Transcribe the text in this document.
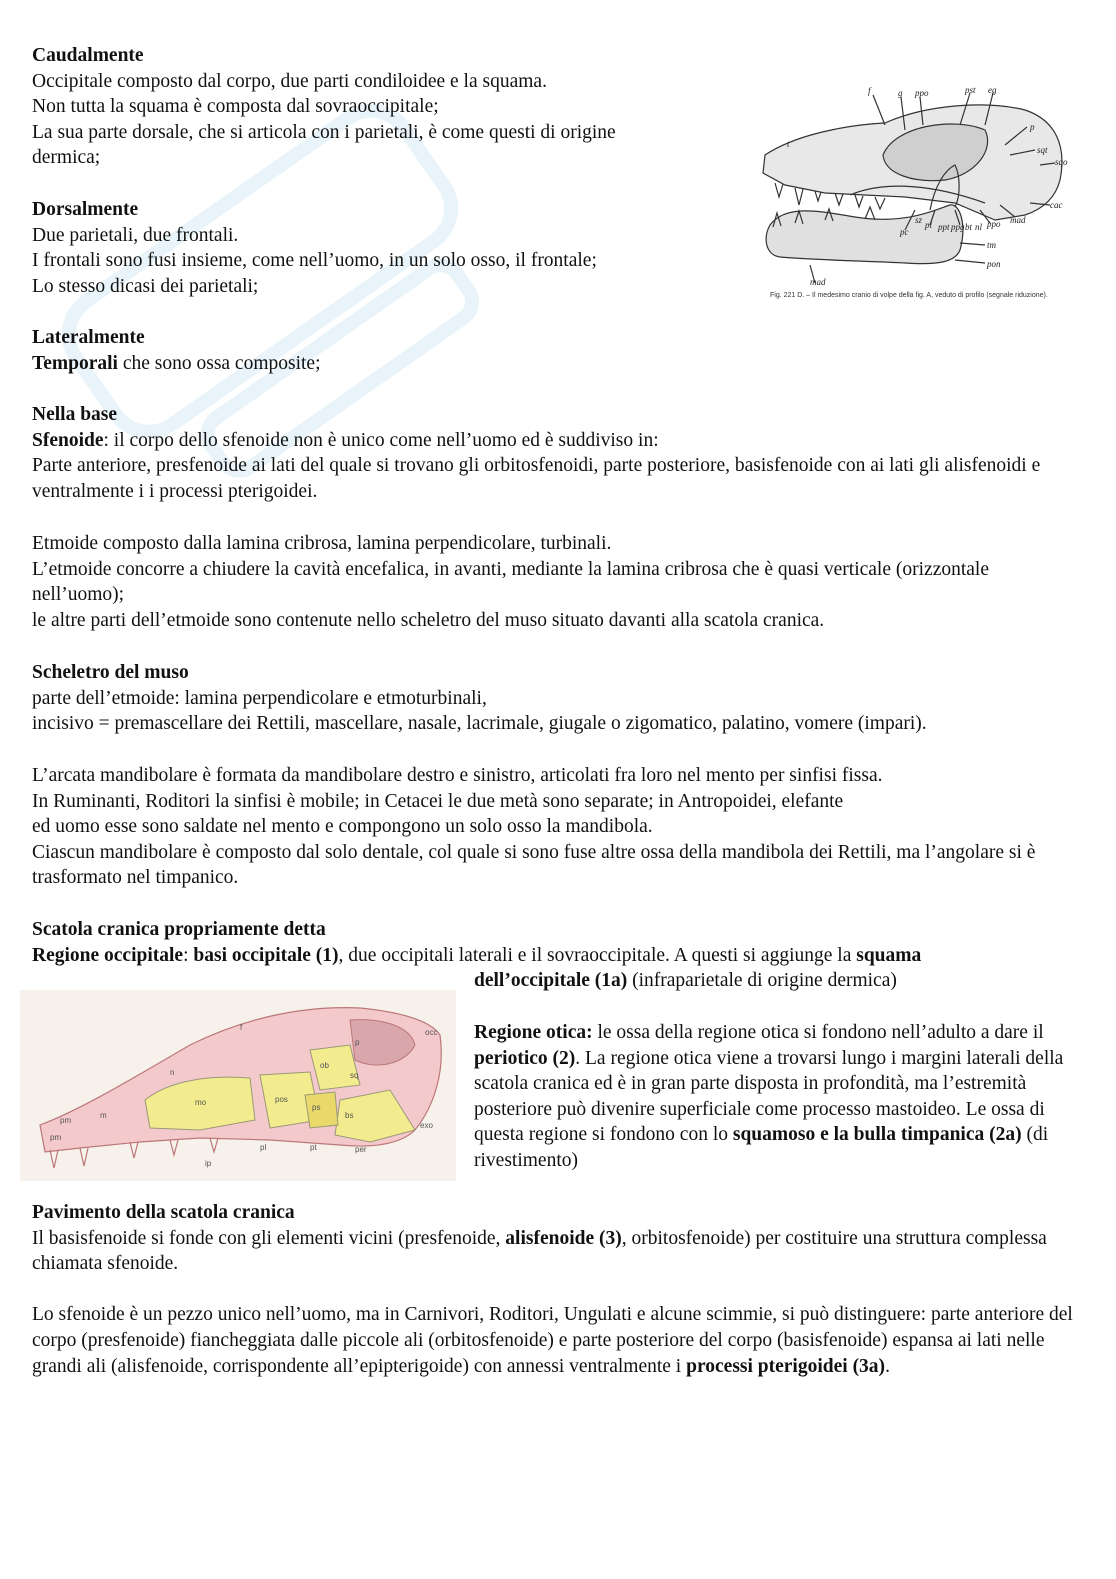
Caudalmente
Occipitale composto dal corpo, due parti condiloidee e la squama.
Non tutta la squama è composta dal sovraoccipitale;
La sua parte dorsale, che si articola con i parietali, è come questi di origine
dermica;
Dorsalmente
Due parietali, due frontali.
I frontali sono fusi insieme, come nell’uomo, in un solo osso, il frontale;
Lo stesso dicasi dei parietali;
Lateralmente
Temporali che sono ossa composite;
Nella base
Sfenoide: il corpo dello sfenoide non è unico come nell’uomo ed è suddiviso in:
Parte anteriore, presfenoide ai lati del quale si trovano gli orbitosfenoidi, parte posteriore, basisfenoide con ai lati gli alisfenoidi e ventralmente i i processi pterigoidei.
Etmoide composto dalla lamina cribrosa, lamina perpendicolare, turbinali.
L’etmoide concorre a chiudere la cavità encefalica, in avanti, mediante la lamina cribrosa che è quasi verticale (orizzontale nell’uomo);
le altre parti dell’etmoide sono contenute nello scheletro del muso situato davanti alla scatola cranica.
Scheletro del muso
parte dell’etmoide: lamina perpendicolare e etmoturbinali,
incisivo = premascellare dei Rettili, mascellare, nasale, lacrimale, giugale o zigomatico, palatino, vomere (impari).
L’arcata mandibolare è formata da mandibolare destro e sinistro, articolati fra loro nel mento per sinfisi fissa.
In Ruminanti, Roditori la sinfisi è mobile; in Cetacei le due metà sono separate; in Antropoidei, elefante
ed uomo esse sono saldate nel mento e compongono un solo osso la mandibola.
Ciascun mandibolare è composto dal solo dentale, col quale si sono fuse altre ossa della mandibola dei Rettili, ma l’angolare si è trasformato nel timpanico.
Scatola cranica propriamente detta
Regione occipitale: basi occipitale (1), due occipitali laterali e il sovraoccipitale. A questi si aggiunge la squama
dell’occipitale (1a) (infraparietale di origine dermica)
Regione otica: le ossa della regione otica si fondono nell’adulto a dare il periotico (2). La regione otica viene a trovarsi lungo i margini laterali della scatola cranica ed è in gran parte disposta in profondità, ma l’estremità posteriore può divenire superficiale come processo mastoideo. Le ossa di questa regione si fondono con lo squamoso e la bulla timpanica (2a) (di rivestimento)
Pavimento della scatola cranica
Il basisfenoide si fonde con gli elementi vicini (presfenoide, alisfenoide (3), orbitosfenoide) per costituire una struttura complessa chiamata sfenoide.
Lo sfenoide è un pezzo unico nell’uomo, ma in Carnivori, Roditori, Ungulati e alcune scimmie, si può distinguere: parte anteriore del corpo (presfenoide) fiancheggiata dalle piccole ali (orbitosfenoide) e parte posteriore del corpo (basisfenoide) espansa ai lati nelle grandi ali (alisfenoide, corrispondente all’epipterigoide) con annessi ventralmente i processi pterigoidei (3a).
f	g ppo	pst eg
p
sqt
sqo
cac
mad
ppo
bt nl
pl
pc	ppt ppg
sz
tm
pon
mad
t
Fig. 221 D. – Il medesimo cranio di volpe della fig. A, veduto di profilo (segnale riduzione).
f
n
p
occ
pm
m
mo	pos
ob
sq
ps
bs
exo
pm
pl	pt	per
ip
